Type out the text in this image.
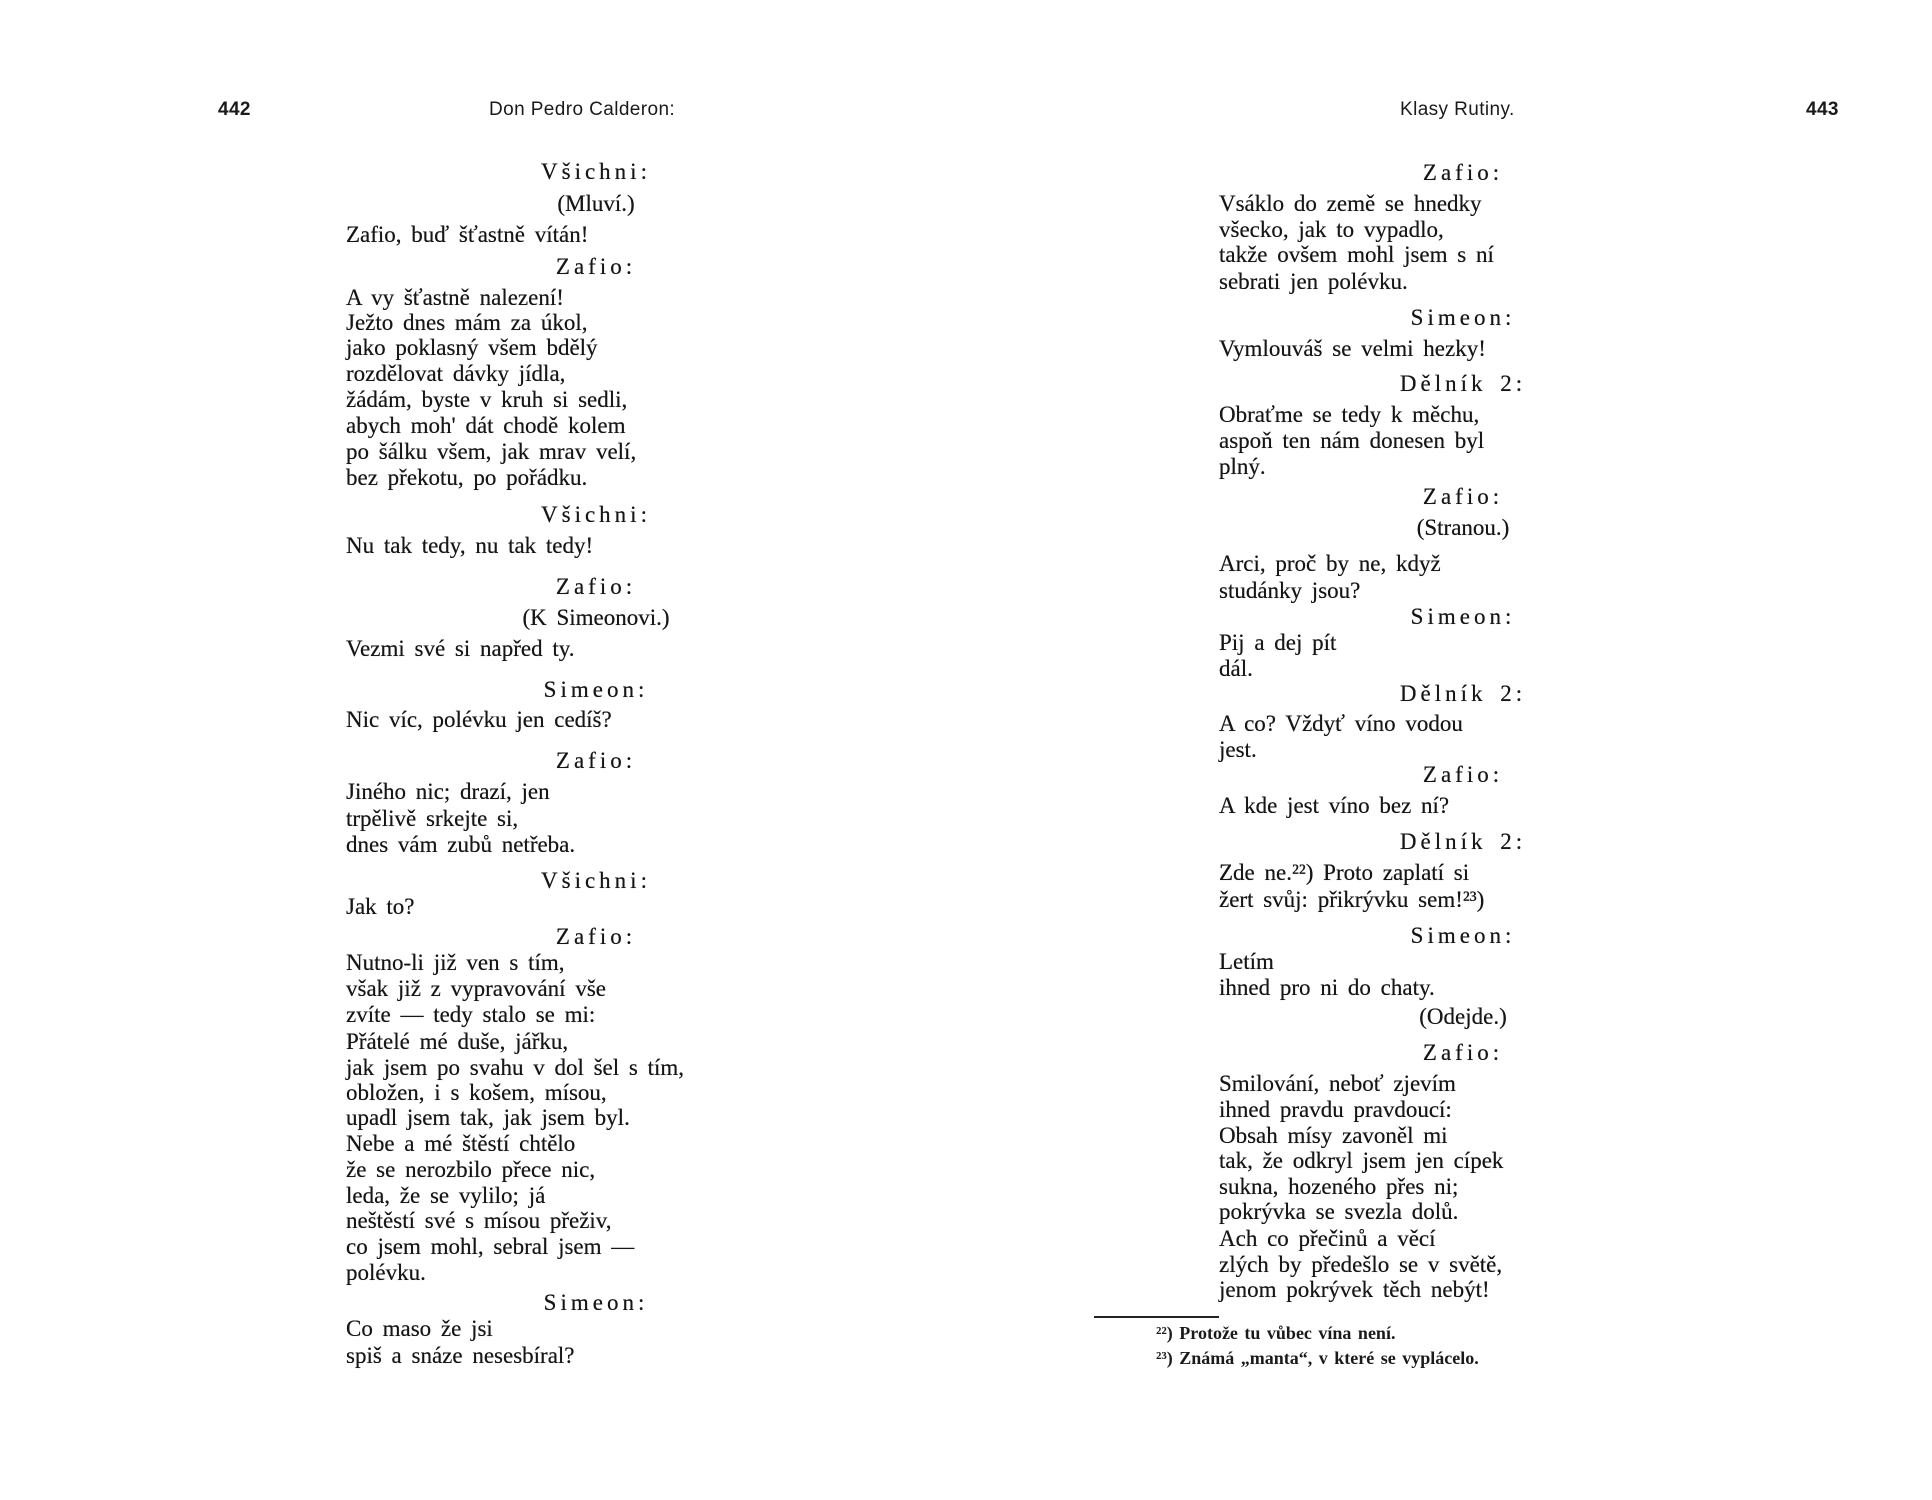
442	Don Pedro Calderon:
Všichni:
(Mluví.)
Zafio, buď šťastně vítán!
Zafio:
A vy šťastně nalezení!
Ježto dnes mám za úkol,
jako poklasný všem bdělý
rozdělovat dávky jídla,
žádám, byste v kruh si sedli,
abych moh' dát chodě kolem
po šálku všem, jak mrav velí,
bez překotu, po pořádku.
Všichni:
Nu tak tedy, nu tak tedy!
Zafio:
(K Simeonovi.)
Vezmi své si napřed ty.
Simeon:
Nic víc, polévku jen cedíš?
Zafio:
Jiného nic; drazí, jen
trpělivě srkejte si,
dnes vám zubů netřeba.
Všichni:
Jak to?
Zafio:
Nutno-li již ven s tím,
však již z vypravování vše
zvíte — tedy stalo se mi:
Přátelé mé duše, jářku,
jak jsem po svahu v dol šel s tím,
obložen, i s košem, mísou,
upadl jsem tak, jak jsem byl.
Nebe a mé štěstí chtělo
že se nerozbilo přece nic,
leda, že se vylilo; já
neštěstí své s mísou přeživ,
co jsem mohl, sebral jsem —
polévku.
Simeon:
Co maso že jsi
spiš a snáze nesesbíral?
Klasy Rutiny.	443
Zafio:
Vsáklo do země se hnedky
všecko, jak to vypadlo,
takže ovšem mohl jsem s ní
sebrati jen polévku.
Simeon:
Vymlouváš se velmi hezky!
Dělník 2:
Obraťme se tedy k měchu,
aspoň ten nám donesen byl
plný.
Zafio:
(Stranou.)
Arci, proč by ne, když
studánky jsou?
Simeon:
Pij a dej pít
dál.
Dělník 2:
A co? Vždyť víno vodou
jest.
Zafio:
A kde jest víno bez ní?
Dělník 2:
Zde ne.²²) Proto zaplatí si
žert svůj: přikrývku sem!²³)
Simeon:
Letím
ihned pro ni do chaty.
(Odejde.)
Zafio:
Smilování, neboť zjevím
ihned pravdu pravdoucí:
Obsah mísy zavoněl mi
tak, že odkryl jsem jen cípek
sukna, hozeného přes ni;
pokrývka se svezla dolů.
Ach co přečinů a věcí
zlých by předešlo se v světě,
jenom pokrývek těch nebýt!
²²) Protože tu vůbec vína není.
²³) Známá „manta“, v které se vyplácelo.
